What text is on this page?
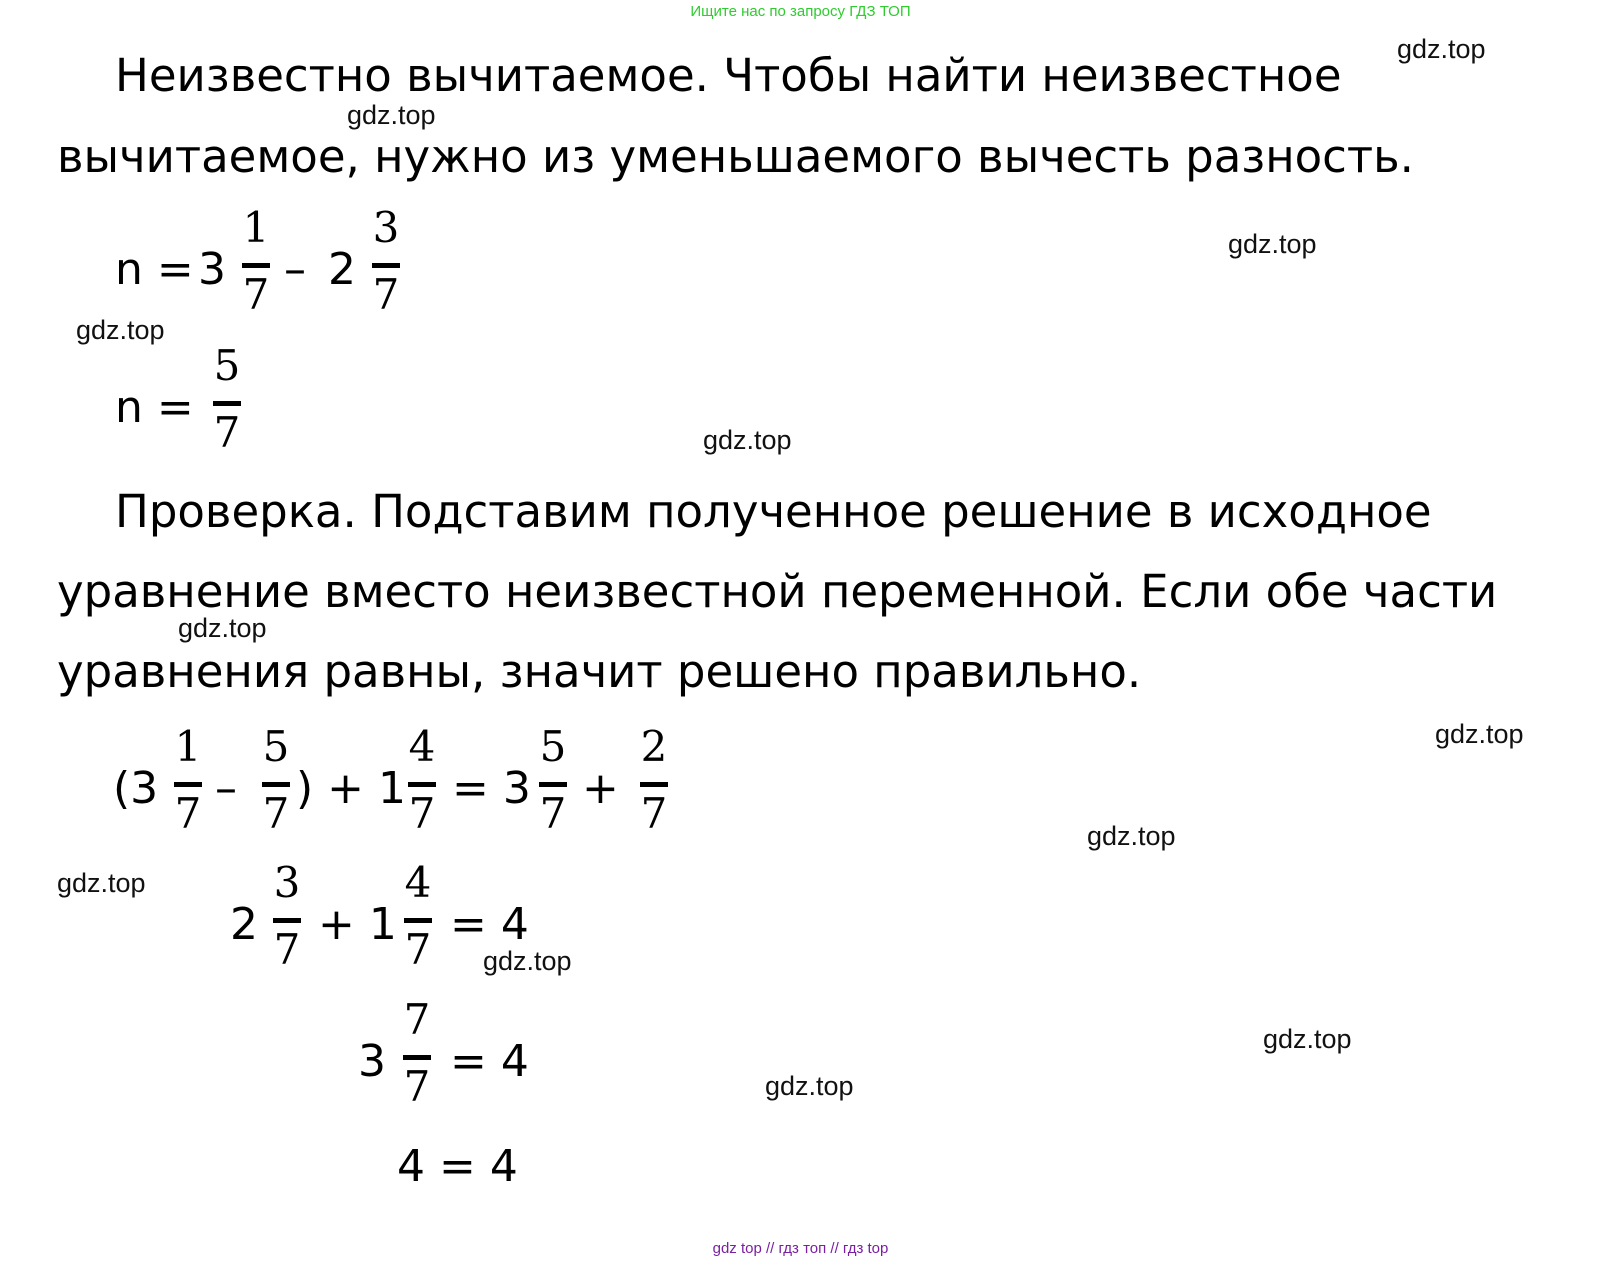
Ищите нас по запросу ГДЗ ТОП
gdz top // гдз топ // гдз top
gdz.top
gdz.top
gdz.top
gdz.top
gdz.top
gdz.top
gdz.top
gdz.top
gdz.top
gdz.top
gdz.top
gdz.top
Неизвестно вычитаемое. Чтобы найти неизвестное
вычитаемое, нужно из уменьшаемого вычесть разность.
n = 3
1
7 – 2
3
7
n =
5
7
Проверка. Подставим полученное решение в исходное
уравнение вместо неизвестной переменной. Если обе части
уравнения равны, значит решено правильно.
(3
1
7 –
5
7 ) + 1
4
7 = 3
5
7 +
2
7
2
3
7 + 1
4
7 = 4
3
7
7 = 4
4 = 4
